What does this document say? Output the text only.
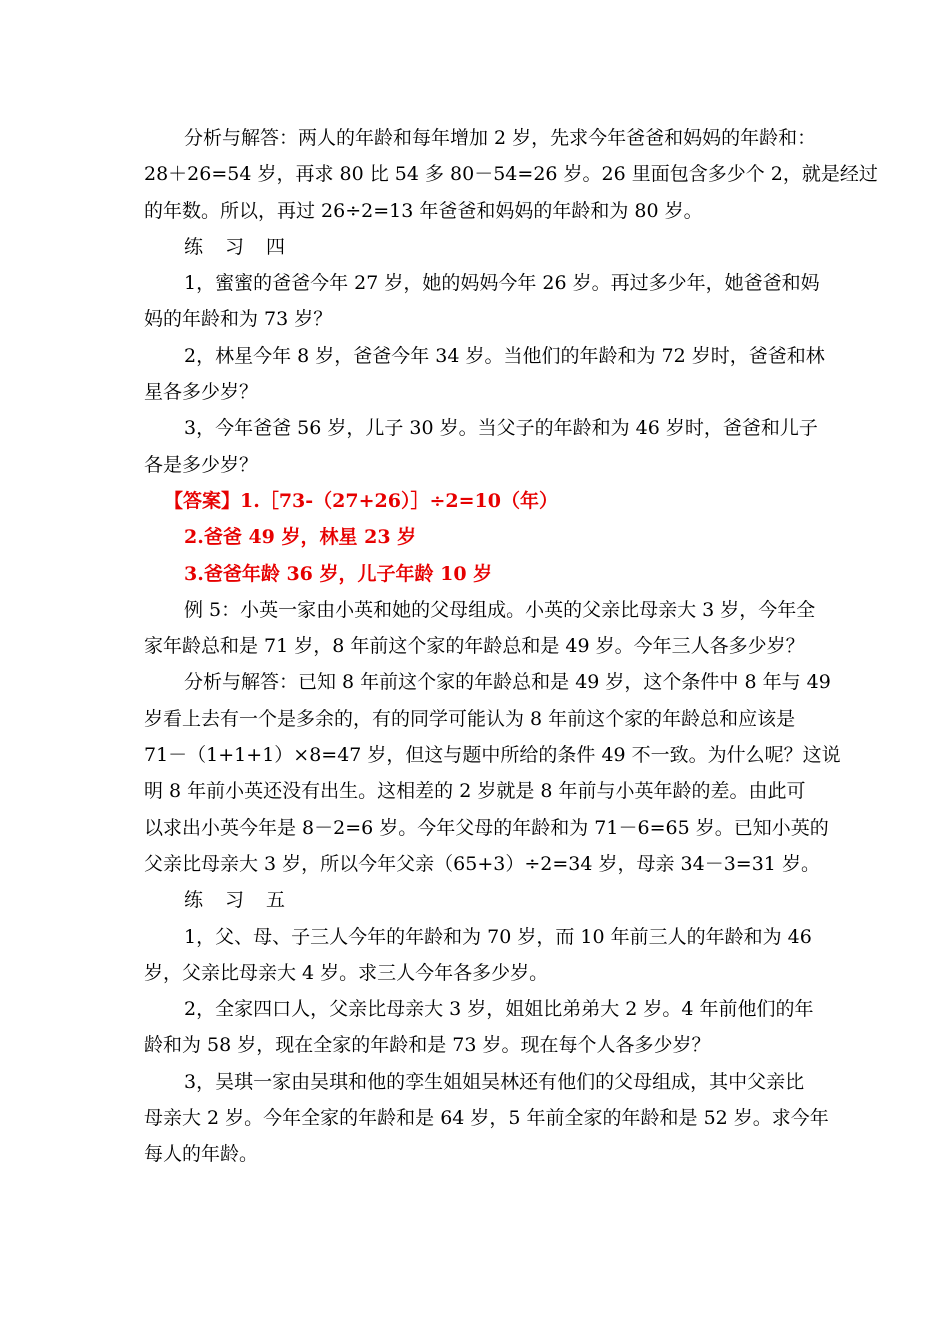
分析与解答：两人的年龄和每年增加 2 岁，先求今年爸爸和妈妈的年龄和：
28＋26=54 岁，再求 80 比 54 多 80－54=26 岁。26 里面包含多少个 2，就是经过
的年数。所以，再过 26÷2=13 年爸爸和妈妈的年龄和为 80 岁。
练 习 四
1，蜜蜜的爸爸今年 27 岁，她的妈妈今年 26 岁。再过多少年，她爸爸和妈
妈的年龄和为 73 岁？
2，林星今年 8 岁，爸爸今年 34 岁。当他们的年龄和为 72 岁时，爸爸和林
星各多少岁？
3，今年爸爸 56 岁，儿子 30 岁。当父子的年龄和为 46 岁时，爸爸和儿子
各是多少岁？
【答案】1.［73-（27+26）］÷2=10（年）
2.爸爸 49 岁，林星 23 岁
3.爸爸年龄 36 岁，儿子年龄 10 岁
例 5：小英一家由小英和她的父母组成。小英的父亲比母亲大 3 岁，今年全
家年龄总和是 71 岁，8 年前这个家的年龄总和是 49 岁。今年三人各多少岁？
分析与解答：已知 8 年前这个家的年龄总和是 49 岁，这个条件中 8 年与 49
岁看上去有一个是多余的，有的同学可能认为 8 年前这个家的年龄总和应该是
71－（1+1+1）×8=47 岁，但这与题中所给的条件 49 不一致。为什么呢？这说
明 8 年前小英还没有出生。这相差的 2 岁就是 8 年前与小英年龄的差。由此可
以求出小英今年是 8－2=6 岁。今年父母的年龄和为 71－6=65 岁。已知小英的
父亲比母亲大 3 岁，所以今年父亲（65+3）÷2=34 岁，母亲 34－3=31 岁。
练 习 五
1，父、母、子三人今年的年龄和为 70 岁，而 10 年前三人的年龄和为 46
岁，父亲比母亲大 4 岁。求三人今年各多少岁。
2，全家四口人，父亲比母亲大 3 岁，姐姐比弟弟大 2 岁。4 年前他们的年
龄和为 58 岁，现在全家的年龄和是 73 岁。现在每个人各多少岁？
3，吴琪一家由吴琪和他的孪生姐姐吴林还有他们的父母组成，其中父亲比
母亲大 2 岁。今年全家的年龄和是 64 岁，5 年前全家的年龄和是 52 岁。求今年
每人的年龄。
